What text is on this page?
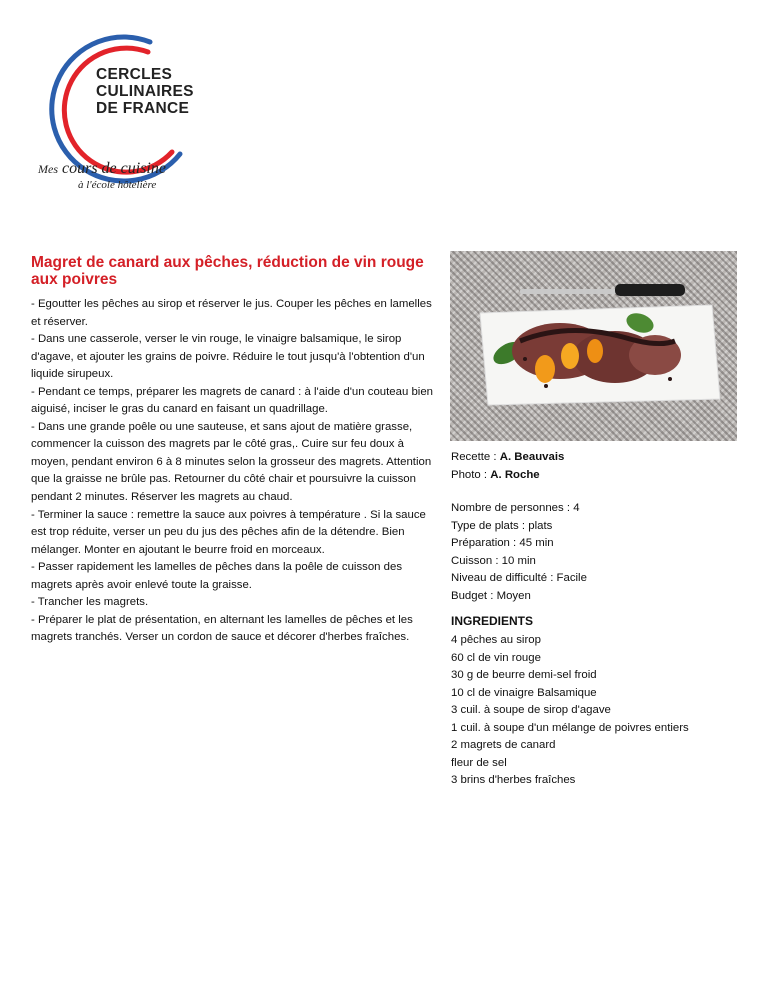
CERCLES
CULINAIRES
DE FRANCE
Mes cours de cuisine
à l'école hôtelière
Magret de canard aux pêches, réduction de vin rouge aux poivres
- Egoutter les pêches au sirop et réserver le jus. Couper les pêches en lamelles et réserver.
- Dans une casserole, verser le vin rouge, le vinaigre balsamique, le sirop d'agave, et ajouter les grains de poivre. Réduire le tout jusqu'à l'obtention d'un liquide sirupeux.
- Pendant ce temps, préparer les magrets de canard : à l'aide d'un couteau bien aiguisé, inciser le gras du canard en faisant un quadrillage.
- Dans une grande poêle ou une sauteuse, et sans ajout de matière grasse, commencer la cuisson des magrets par le côté gras,. Cuire sur feu doux à moyen, pendant environ 6 à 8 minutes selon la grosseur des magrets. Attention que la graisse ne brûle pas. Retourner du côté chair et poursuivre la cuisson pendant 2 minutes. Réserver les magrets au chaud.
- Terminer la sauce : remettre la sauce aux poivres à température . Si la sauce est trop réduite, verser un peu du jus des pêches afin de la détendre. Bien mélanger. Monter en ajoutant le beurre froid en morceaux.
- Passer rapidement les lamelles de pêches dans la poêle de cuisson des magrets après avoir enlevé toute la graisse.
- Trancher les magrets.
- Préparer le plat de présentation, en alternant les lamelles de pêches et les magrets tranchés. Verser un cordon de sauce et décorer d'herbes fraîches.
Recette : A. Beauvais
Photo : A. Roche
Nombre de personnes : 4
Type de plats : plats
Préparation : 45 min
Cuisson : 10 min
Niveau de difficulté : Facile
Budget : Moyen
INGREDIENTS
4 pêches au sirop
60 cl de vin rouge
30 g de beurre demi-sel froid
10 cl de vinaigre Balsamique
3 cuil. à soupe de sirop d'agave
1 cuil. à soupe d'un mélange de poivres entiers
2 magrets de canard
fleur de sel
3 brins d'herbes fraîches
